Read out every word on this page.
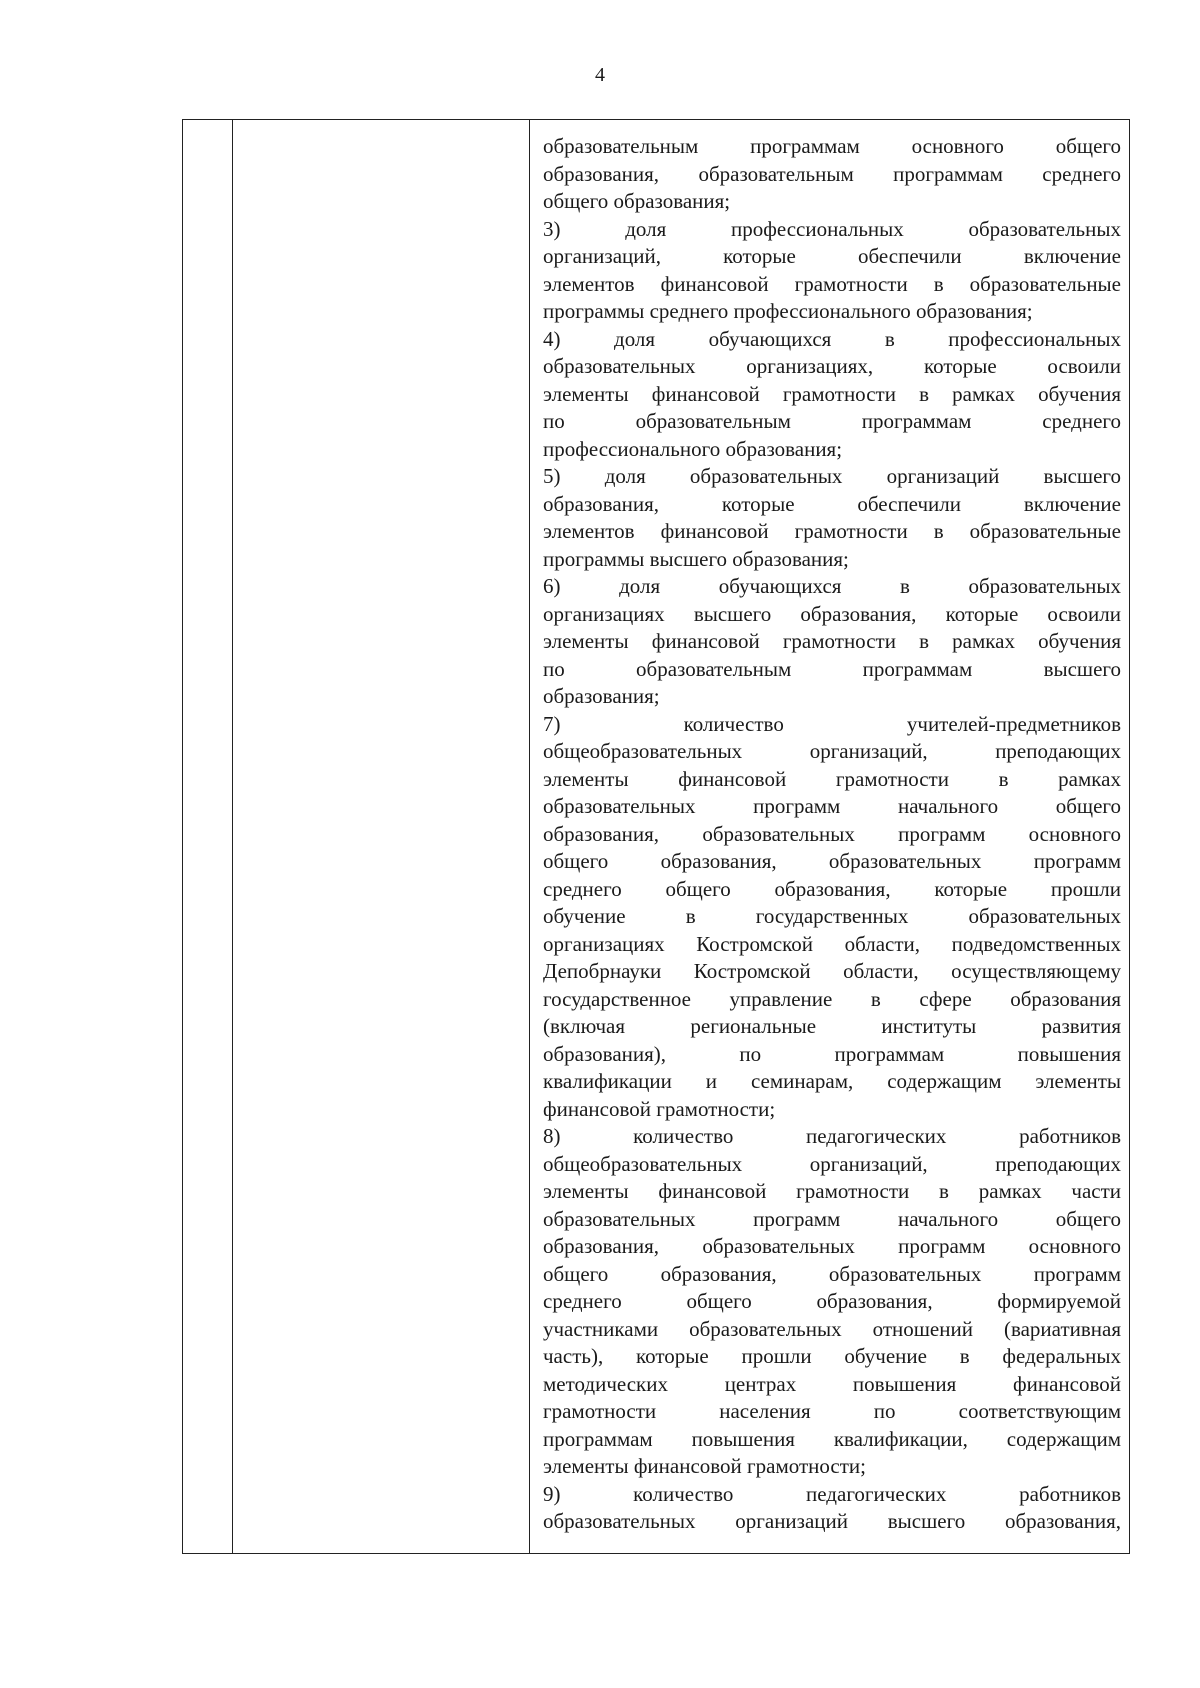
4
образовательным программам основного общего
образования, образовательным программам среднего
общего образования;
3) доля профессиональных образовательных
организаций, которые обеспечили включение
элементов финансовой грамотности в образовательные
программы среднего профессионального образования;
4) доля обучающихся в профессиональных
образовательных организациях, которые освоили
элементы финансовой грамотности в рамках обучения
по образовательным программам среднего
профессионального образования;
5) доля образовательных организаций высшего
образования, которые обеспечили включение
элементов финансовой грамотности в образовательные
программы высшего образования;
6) доля обучающихся в образовательных
организациях высшего образования, которые освоили
элементы финансовой грамотности в рамках обучения
по образовательным программам высшего
образования;
7) количество учителей-предметников
общеобразовательных организаций, преподающих
элементы финансовой грамотности в рамках
образовательных программ начального общего
образования, образовательных программ основного
общего образования, образовательных программ
среднего общего образования, которые прошли
обучение в государственных образовательных
организациях Костромской области, подведомственных
Депобрнауки Костромской области, осуществляющему
государственное управление в сфере образования
(включая региональные институты развития
образования), по программам повышения
квалификации и семинарам, содержащим элементы
финансовой грамотности;
8) количество педагогических работников
общеобразовательных организаций, преподающих
элементы финансовой грамотности в рамках части
образовательных программ начального общего
образования, образовательных программ основного
общего образования, образовательных программ
среднего общего образования, формируемой
участниками образовательных отношений (вариативная
часть), которые прошли обучение в федеральных
методических центрах повышения финансовой
грамотности населения по соответствующим
программам повышения квалификации, содержащим
элементы финансовой грамотности;
9) количество педагогических работников
образовательных организаций высшего образования,
